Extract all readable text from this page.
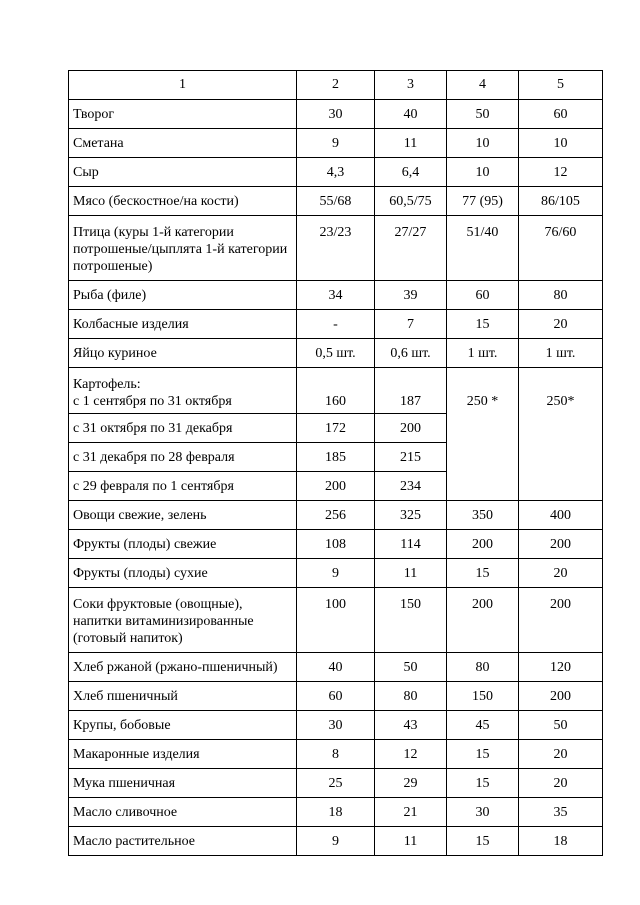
1	2	3	4	5
Творог	30	40	50	60
Сметана	9	11	10	10
Сыр	4,3	6,4	10	12
Мясо (бескостное/на кости)	55/68	60,5/75	77 (95)	86/105
Птица (куры 1-й категории потрошеные/цыплята 1-й категории потрошеные)	23/23	27/27	51/40	76/60
Рыба (филе)	34	39	60	80
Колбасные изделия	-	7	15	20
Яйцо куриное	0,5 шт.	0,6 шт.	1 шт.	1 шт.

Картофель:
с 1 сентября по 31 октября	160	187	250 *	250*
с 31 октября по 31 декабря	172	200		
с 31 декабря по 28 февраля	185	215		
с 29 февраля по 1 сентября	200	234		
Овощи свежие, зелень	256	325	350	400
Фрукты (плоды) свежие	108	114	200	200
Фрукты (плоды) сухие	9	11	15	20
Соки фруктовые (овощные), напитки витаминизированные (готовый напиток)	100	150	200	200
Хлеб ржаной (ржано-пшеничный)	40	50	80	120
Хлеб пшеничный	60	80	150	200
Крупы, бобовые	30	43	45	50
Макаронные изделия	8	12	15	20
Мука пшеничная	25	29	15	20
Масло сливочное	18	21	30	35
Масло растительное	9	11	15	18
